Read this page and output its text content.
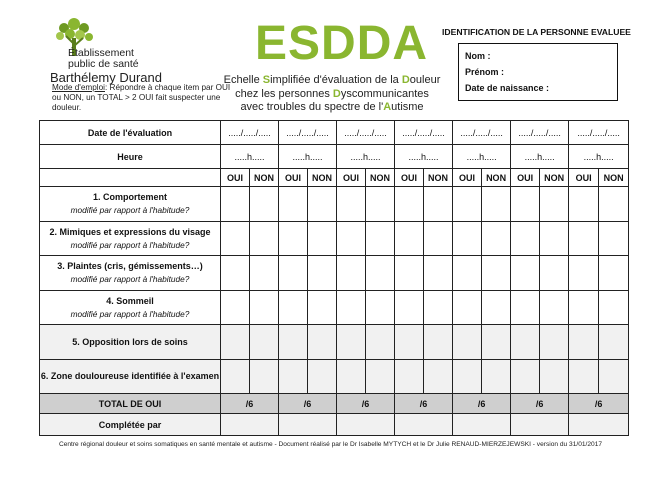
Établissement
public de santé
Barthélemy Durand
Mode d'emploi: Répondre à chaque item par OUI ou NON, un TOTAL > 2 OUI fait suspecter une douleur.
ESDDA
Echelle Simplifiée d'évaluation de la Douleur
chez les personnes Dyscommunicantes
avec troubles du spectre de l'Autisme
IDENTIFICATION DE LA PERSONNE EVALUEE
Nom :
Prénom :
Date de naissance :
Date de l'évaluation	...../...../.....		...../...../.....		...../...../.....		...../...../.....		...../...../.....		...../...../.....		...../...../.....	
Heure	.....h.....		.....h.....		.....h.....		.....h.....		.....h.....		.....h.....		.....h.....	
	OUI	NON	OUI	NON	OUI	NON	OUI	NON	OUI	NON	OUI	NON	OUI	NON

1. Comportement
modifié par rapport à l'habitude?														

2. Mimiques et expressions du visage
modifié par rapport à l'habitude?														

3. Plaintes (cris, gémissements…)
modifié par rapport à l'habitude?														

4. Sommeil
modifié par rapport à l'habitude?														

5. Opposition lors de soins														

6. Zone douloureuse identifiée à l'examen														

TOTAL DE OUI	/6		/6		/6		/6		/6		/6		/6	
Complétée par														
Centre régional douleur et soins somatiques en santé mentale et autisme - Document réalisé par le Dr Isabelle MYTYCH et le Dr Julie RENAUD-MIERZEJEWSKI - version du 31/01/2017
